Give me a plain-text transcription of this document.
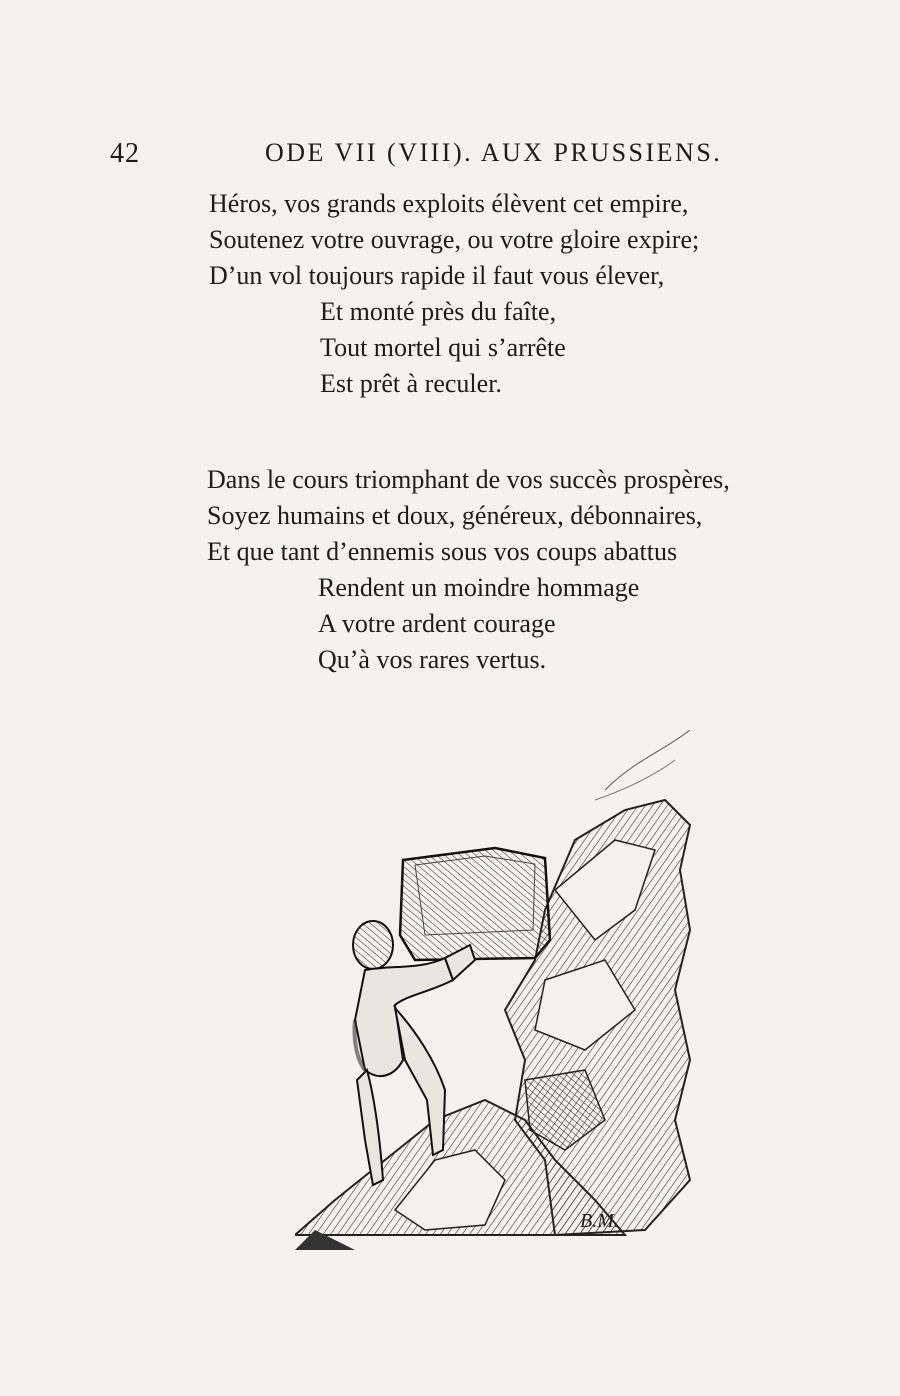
42	ODE VII (VIII). AUX PRUSSIENS.
Héros, vos grands exploits élèvent cet empire,
Soutenez votre ouvrage, ou votre gloire expire;
D’un vol toujours rapide il faut vous élever,
Et monté près du faîte,
Tout mortel qui s’arrête
Est prêt à reculer.
Dans le cours triomphant de vos succès prospères,
Soyez humains et doux, généreux, débonnaires,
Et que tant d’ennemis sous vos coups abattus
Rendent un moindre hommage
A votre ardent courage
Qu’à vos rares vertus.
B.M.
